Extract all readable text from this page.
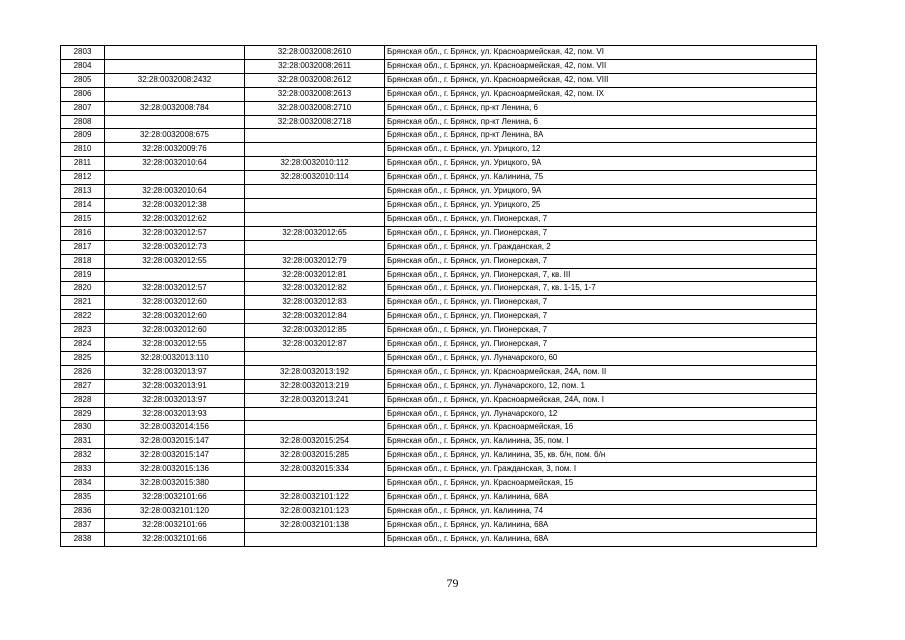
2803		32:28:0032008:2610	Брянская обл., г. Брянск, ул. Красноармейская, 42, пом. VI
2804		32:28:0032008:2611	Брянская обл., г. Брянск, ул. Красноармейская, 42, пом. VII
2805	32:28:0032008:2432	32:28:0032008:2612	Брянская обл., г. Брянск, ул. Красноармейская, 42, пом. VIII
2806		32:28:0032008:2613	Брянская обл., г. Брянск, ул. Красноармейская, 42, пом. IX
2807	32:28:0032008:784	32:28:0032008:2710	Брянская обл., г. Брянск, пр-кт Ленина, 6
2808		32:28:0032008:2718	Брянская обл., г. Брянск, пр-кт Ленина, 6
2809	32:28:0032008:675		Брянская обл., г. Брянск, пр-кт Ленина, 8А
2810	32:28:0032009:76		Брянская обл., г. Брянск, ул. Урицкого, 12
2811	32:28:0032010:64	32:28:0032010:112	Брянская обл., г. Брянск, ул. Урицкого, 9А
2812		32:28:0032010:114	Брянская обл., г. Брянск, ул. Калинина, 75
2813	32:28:0032010:64		Брянская обл., г. Брянск, ул. Урицкого, 9А
2814	32:28:0032012:38		Брянская обл., г. Брянск, ул. Урицкого, 25
2815	32:28:0032012:62		Брянская обл., г. Брянск, ул. Пионерская, 7
2816	32:28:0032012:57	32:28:0032012:65	Брянская обл., г. Брянск, ул. Пионерская, 7
2817	32:28:0032012:73		Брянская обл., г. Брянск, ул. Гражданская, 2
2818	32:28:0032012:55	32:28:0032012:79	Брянская обл., г. Брянск, ул. Пионерская, 7
2819		32:28:0032012:81	Брянская обл., г. Брянск, ул. Пионерская, 7, кв. III
2820	32:28:0032012:57	32:28:0032012:82	Брянская обл., г. Брянск, ул. Пионерская, 7, кв. 1-15, 1-7
2821	32:28:0032012:60	32:28:0032012:83	Брянская обл., г. Брянск, ул. Пионерская, 7
2822	32:28:0032012:60	32:28:0032012:84	Брянская обл., г. Брянск, ул. Пионерская, 7
2823	32:28:0032012:60	32:28:0032012:85	Брянская обл., г. Брянск, ул. Пионерская, 7
2824	32:28:0032012:55	32:28:0032012:87	Брянская обл., г. Брянск, ул. Пионерская, 7
2825	32:28:0032013:110		Брянская обл., г. Брянск, ул. Луначарского, 60
2826	32:28:0032013:97	32:28:0032013:192	Брянская обл., г. Брянск, ул. Красноармейская, 24А, пом. II
2827	32:28:0032013:91	32:28:0032013:219	Брянская обл., г. Брянск, ул. Луначарского, 12, пом. 1
2828	32:28:0032013:97	32:28:0032013:241	Брянская обл., г. Брянск, ул. Красноармейская, 24А, пом. I
2829	32:28:0032013:93		Брянская обл., г. Брянск, ул. Луначарского, 12
2830	32:28:0032014:156		Брянская обл., г. Брянск, ул. Красноармейская, 16
2831	32:28:0032015:147	32:28:0032015:254	Брянская обл., г. Брянск, ул. Калинина, 35, пом. I
2832	32:28:0032015:147	32:28:0032015:285	Брянская обл., г. Брянск, ул. Калинина, 35, кв. б/н, пом. б/н
2833	32:28:0032015:136	32:28:0032015:334	Брянская обл., г. Брянск, ул. Гражданская, 3, пом. I
2834	32:28:0032015:380		Брянская обл., г. Брянск, ул. Красноармейская, 15
2835	32:28:0032101:66	32:28:0032101:122	Брянская обл., г. Брянск, ул. Калинина, 68А
2836	32:28:0032101:120	32:28:0032101:123	Брянская обл., г. Брянск, ул. Калинина, 74
2837	32:28:0032101:66	32:28:0032101:138	Брянская обл., г. Брянск, ул. Калинина, 68А
2838	32:28:0032101:66		Брянская обл., г. Брянск, ул. Калинина, 68А
79
